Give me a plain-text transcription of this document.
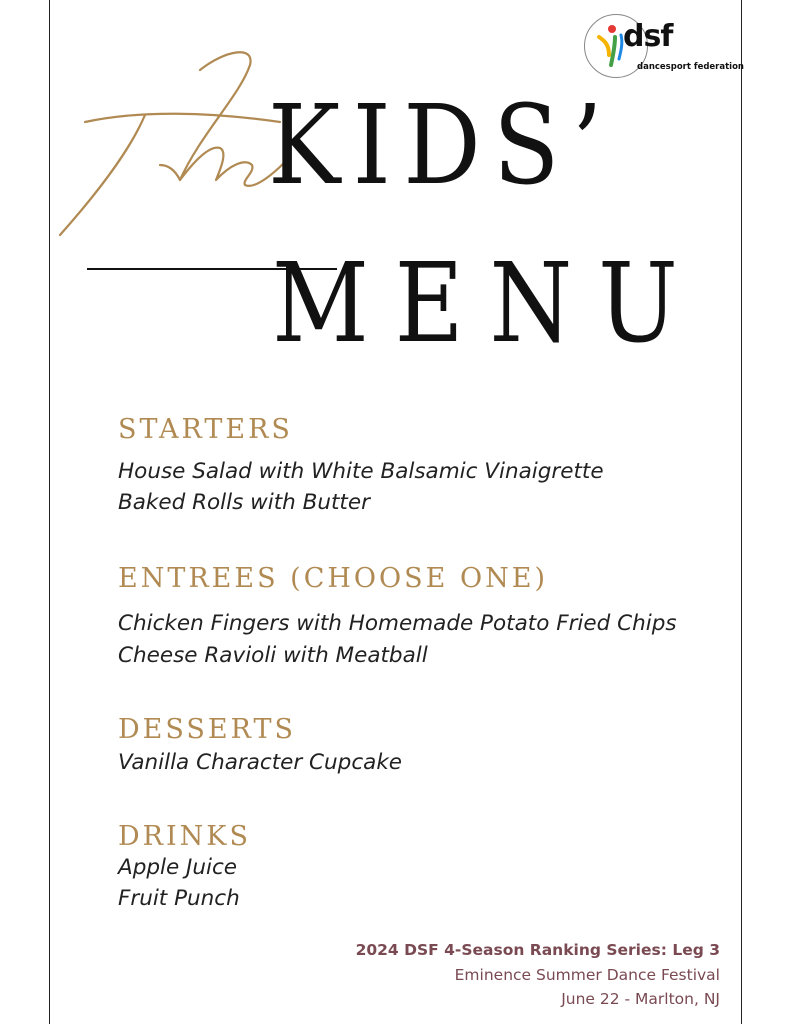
dsf
dancesport federation
KIDS’
MENU
STARTERS
House Salad with White Balsamic Vinaigrette
Baked Rolls with Butter
ENTREES (CHOOSE ONE)
Chicken Fingers with Homemade Potato Fried Chips
Cheese Ravioli with Meatball
DESSERTS
Vanilla Character Cupcake
DRINKS
Apple Juice
Fruit Punch
2024 DSF 4-Season Ranking Series: Leg 3
Eminence Summer Dance Festival
June 22 - Marlton, NJ
